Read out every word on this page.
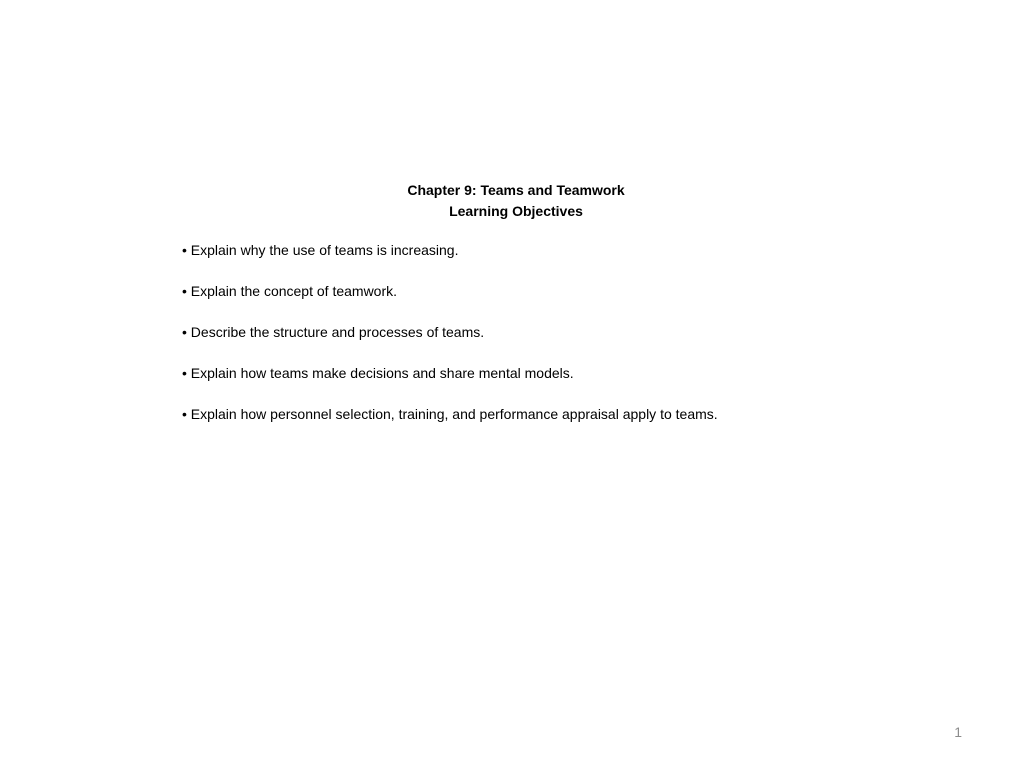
Chapter 9: Teams and Teamwork
Learning Objectives
• Explain why the use of teams is increasing.
• Explain the concept of teamwork.
• Describe the structure and processes of teams.
• Explain how teams make decisions and share mental models.
• Explain how personnel selection, training, and performance appraisal apply to teams.
1
